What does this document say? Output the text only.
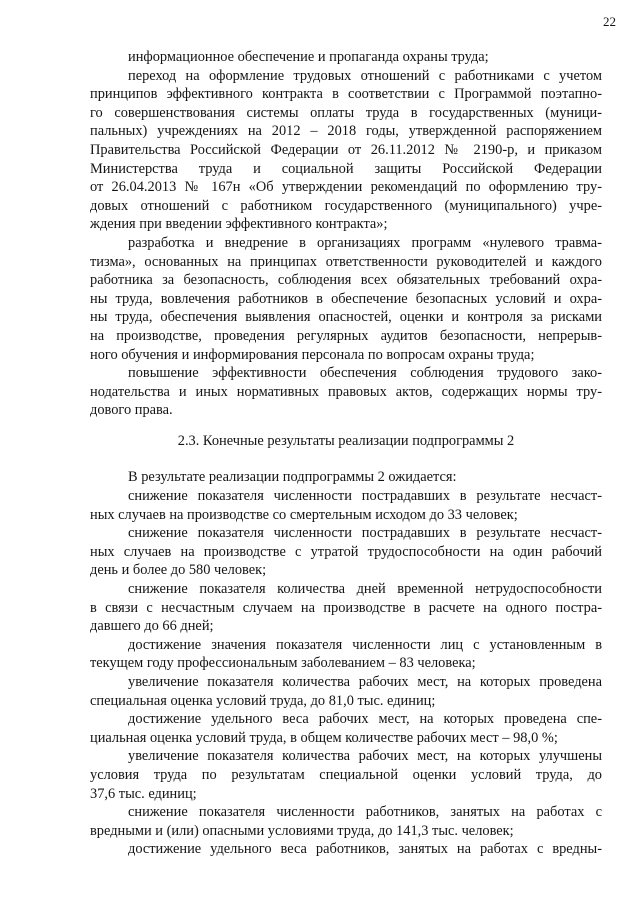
22
информационное обеспечение и пропаганда охраны труда;
переход на оформление трудовых отношений с работниками с учетом
принципов эффективного контракта в соответствии с Программой поэтапно-
го совершенствования системы оплаты труда в государственных (муници-
пальных) учреждениях на 2012 – 2018 годы, утвержденной распоряжением
Правительства Российской Федерации от 26.11.2012 № 2190-р, и приказом
Министерства труда и социальной защиты Российской Федерации
от 26.04.2013 № 167н «Об утверждении рекомендаций по оформлению тру-
довых отношений с работником государственного (муниципального) учре-
ждения при введении эффективного контракта»;
разработка и внедрение в организациях программ «нулевого травма-
тизма», основанных на принципах ответственности руководителей и каждого
работника за безопасность, соблюдения всех обязательных требований охра-
ны труда, вовлечения работников в обеспечение безопасных условий и охра-
ны труда, обеспечения выявления опасностей, оценки и контроля за рисками
на производстве, проведения регулярных аудитов безопасности, непрерыв-
ного обучения и информирования персонала по вопросам охраны труда;
повышение эффективности обеспечения соблюдения трудового зако-
нодательства и иных нормативных правовых актов, содержащих нормы тру-
дового права.
2.3. Конечные результаты реализации подпрограммы 2
В результате реализации подпрограммы 2 ожидается:
снижение показателя численности пострадавших в результате несчаст-
ных случаев на производстве со смертельным исходом до 33 человек;
снижение показателя численности пострадавших в результате несчаст-
ных случаев на производстве с утратой трудоспособности на один рабочий
день и более до 580 человек;
снижение показателя количества дней временной нетрудоспособности
в связи с несчастным случаем на производстве в расчете на одного постра-
давшего до 66 дней;
достижение значения показателя численности лиц с установленным в
текущем году профессиональным заболеванием – 83 человека;
увеличение показателя количества рабочих мест, на которых проведена
специальная оценка условий труда, до 81,0 тыс. единиц;
достижение удельного веса рабочих мест, на которых проведена спе-
циальная оценка условий труда, в общем количестве рабочих мест – 98,0 %;
увеличение показателя количества рабочих мест, на которых улучшены
условия труда по результатам специальной оценки условий труда, до
37,6 тыс. единиц;
снижение показателя численности работников, занятых на работах с
вредными и (или) опасными условиями труда, до 141,3 тыс. человек;
достижение удельного веса работников, занятых на работах с вредны-
